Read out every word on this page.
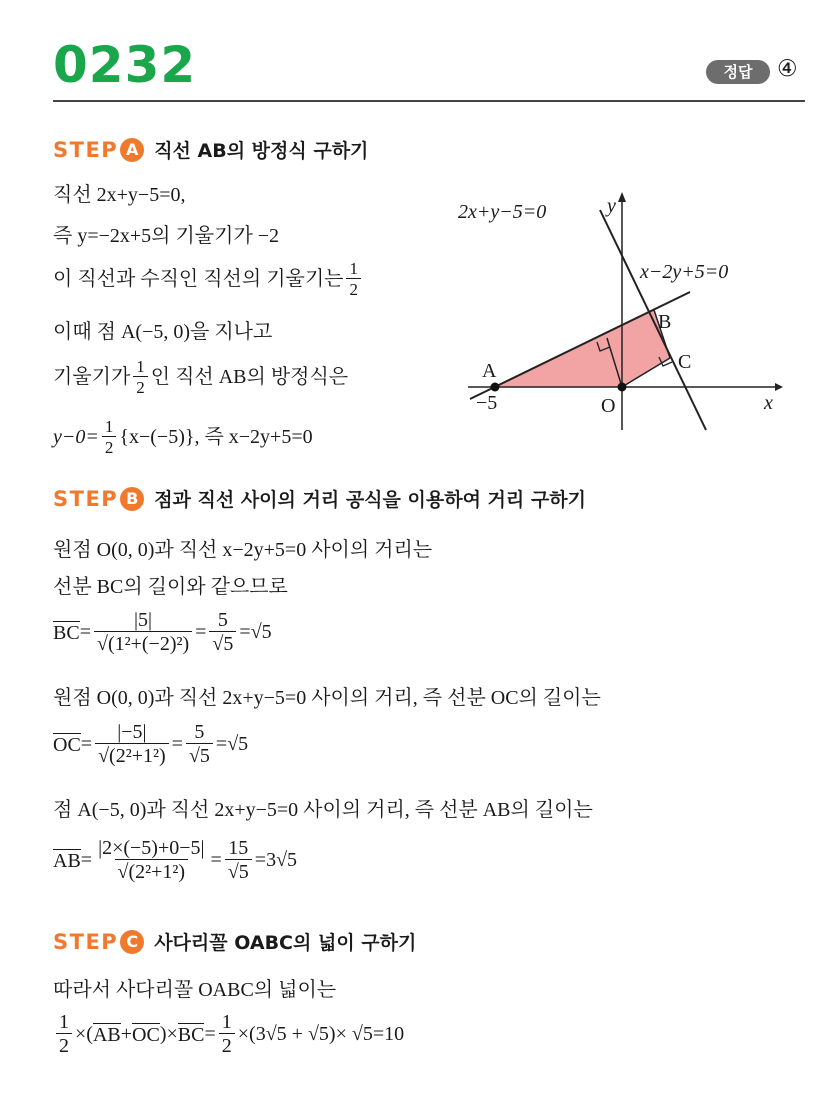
0232	정답	④
STEP A 직선 AB의 방정식 구하기
직선 2x+y−5=0,
즉 y=−2x+5의 기울기가 −2
이 직선과 수직인 직선의 기울기는 $\frac{1}{2}$
이때 점 A(−5, 0)을 지나고
기울기가 $\frac{1}{2}$ 인 직선 AB의 방정식은
$y-0= \frac{1}{2} \{x-(-5)\}$, 즉 x−2y+5=0
2x+y−5=0
x−2y+5=0
y
x
A
−5
B
C
O
STEP B 점과 직선 사이의 거리 공식을 이용하여 거리 구하기
원점 O(0, 0)과 직선 x−2y+5=0 사이의 거리는
선분 BC의 길이와 같으므로
BC = $\frac{|5|}{\text{√(1²+(−2)²)}} = \frac{5}{√5} = √5$
원점 O(0, 0)과 직선 2x+y−5=0 사이의 거리, 즉 선분 OC의 길이는
OC = $\frac{|-5|}{\text{√(2²+1²)}} = \frac{5}{√5} = √5$
점 A(−5, 0)과 직선 2x+y−5=0 사이의 거리, 즉 선분 AB의 길이는
AB = $\frac{|2\times(-5)+0-5|}{\text{√(2²+1²)}} = \frac{15}{√5} = 3√5$
STEP C 사다리꼴 OABC의 넓이 구하기
따라서 사다리꼴 OABC의 넓이는
$\frac{1}{2}$ ×( AB + OC )× BC = $\frac{1}{2} \times(3√5 + √5)\times √5=10$
